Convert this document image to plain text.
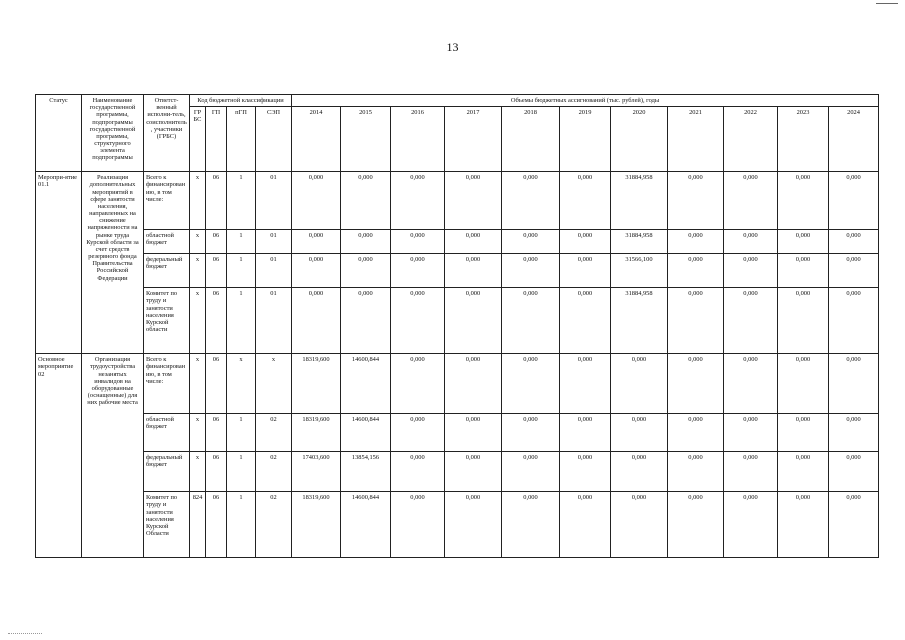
13
Статус	Наименование государственной программы, подпрограммы государственной программы, структурного элемента подпрограммы	Ответст-венный исполни-тель, соисполнитель, участники (ГРБС)	Код бюджетной классификации				Объемы бюджетных ассигнований (тыс. рублей), годы										
			ГР БС	ГП	пГП	СЭП	2014	2015	2016	2017	2018	2019	2020	2021	2022	2023	2024
Меропри-ятие 01.1	Реализация дополнительных мероприятий в сфере занятости населения, направленных на снижение напряженности на рынке труда Курской области за счет средств резервного фонда Правительства Российской Федерации	Всего к финансированию, в том числе:	х	06	1	01	0,000	0,000	0,000	0,000	0,000	0,000	31884,958	0,000	0,000	0,000	0,000
		областной бюджет	х	06	1	01	0,000	0,000	0,000	0,000	0,000	0,000	31884,958	0,000	0,000	0,000	0,000
		федеральный бюджет	х	06	1	01	0,000	0,000	0,000	0,000	0,000	0,000	31566,100	0,000	0,000	0,000	0,000
		Комитет по труду и занятости населения Курской области	х	06	1	01	0,000	0,000	0,000	0,000	0,000	0,000	31884,958	0,000	0,000	0,000	0,000
Основное мероприятие 02	Организация трудоустройства незанятых инвалидов на оборудованные (оснащенные) для них рабочие места	Всего к финансированию, в том числе:	х	06	х	х	18319,600	14600,844	0,000	0,000	0,000	0,000	0,000	0,000	0,000	0,000	0,000
		областной бюджет	х	06	1	02	18319,600	14600,844	0,000	0,000	0,000	0,000	0,000	0,000	0,000	0,000	0,000
		федеральный бюджет	х	06	1	02	17403,600	13854,156	0,000	0,000	0,000	0,000	0,000	0,000	0,000	0,000	0,000
		Комитет по труду и занятости населения Курской Области	824	06	1	02	18319,600	14600,844	0,000	0,000	0,000	0,000	0,000	0,000	0,000	0,000	0,000
